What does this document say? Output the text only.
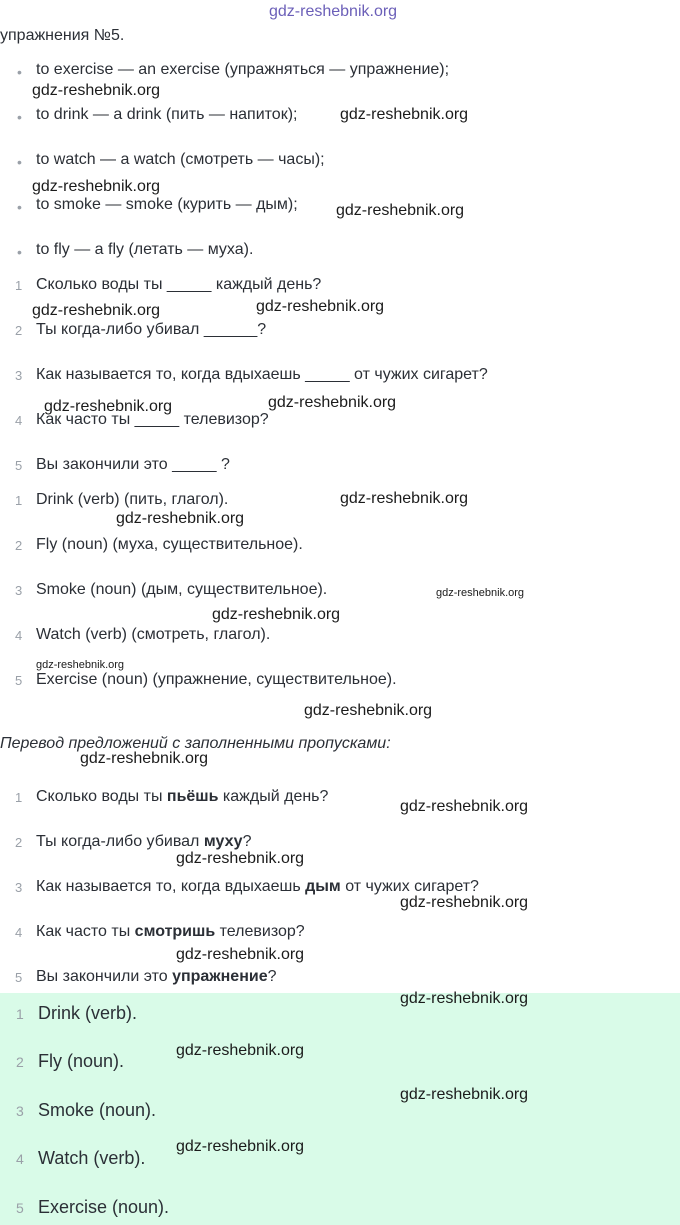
gdz-reshebnik.org
упражнения №5.
• to exercise — an exercise (упражняться — упражнение);
• to drink — a drink (пить — напиток);
• to watch — a watch (смотреть — часы);
• to smoke — smoke (курить — дым);
• to fly — a fly (летать — муха).
1 Сколько воды ты _____ каждый день?
2 Ты когда-либо убивал ______?
3 Как называется то, когда вдыхаешь _____ от чужих сигарет?
4 Как часто ты _____ телевизор?
5 Вы закончили это _____ ?
1 Drink (verb) (пить, глагол).
2 Fly (noun) (муха, существительное).
3 Smoke (noun) (дым, существительное).
4 Watch (verb) (смотреть, глагол).
5 Exercise (noun) (упражнение, существительное).
Перевод предложений с заполненными пропусками:
1 Сколько воды ты пьёшь каждый день?
2 Ты когда-либо убивал муху?
3 Как называется то, когда вдыхаешь дым от чужих сигарет?
4 Как часто ты смотришь телевизор?
5 Вы закончили это упражнение?
1 Drink (verb).
2 Fly (noun).
3 Smoke (noun).
4 Watch (verb).
5 Exercise (noun).
gdz-reshebnik.org
gdz-reshebnik.org
gdz-reshebnik.org
gdz-reshebnik.org
gdz-reshebnik.org
gdz-reshebnik.org
gdz-reshebnik.org
gdz-reshebnik.org
gdz-reshebnik.org
gdz-reshebnik.org
gdz-reshebnik.org
gdz-reshebnik.org
gdz-reshebnik.org
gdz-reshebnik.org
gdz-reshebnik.org
gdz-reshebnik.org
gdz-reshebnik.org
gdz-reshebnik.org
gdz-reshebnik.org
gdz-reshebnik.org
gdz-reshebnik.org
gdz-reshebnik.org
gdz-reshebnik.org
